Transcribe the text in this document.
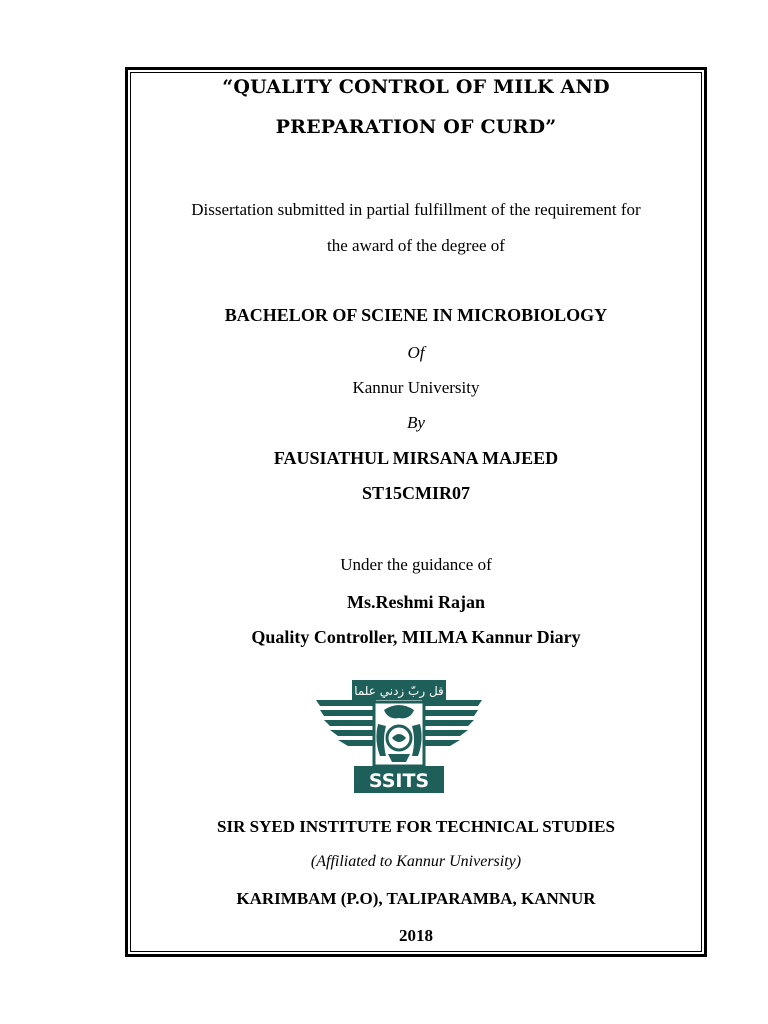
“QUALITY CONTROL OF MILK AND
PREPARATION OF CURD”
Dissertation submitted in partial fulfillment of the requirement for
the award of the degree of
BACHELOR OF SCIENE IN MICROBIOLOGY
Of
Kannur University
By
FAUSIATHUL MIRSANA MAJEED
ST15CMIR07
Under the guidance of
Ms.Reshmi Rajan
Quality Controller, MILMA Kannur Diary
قل ربّ زدني علما
SSITS
SIR SYED INSTITUTE FOR TECHNICAL STUDIES
(Affiliated to Kannur University)
KARIMBAM (P.O), TALIPARAMBA, KANNUR
2018
